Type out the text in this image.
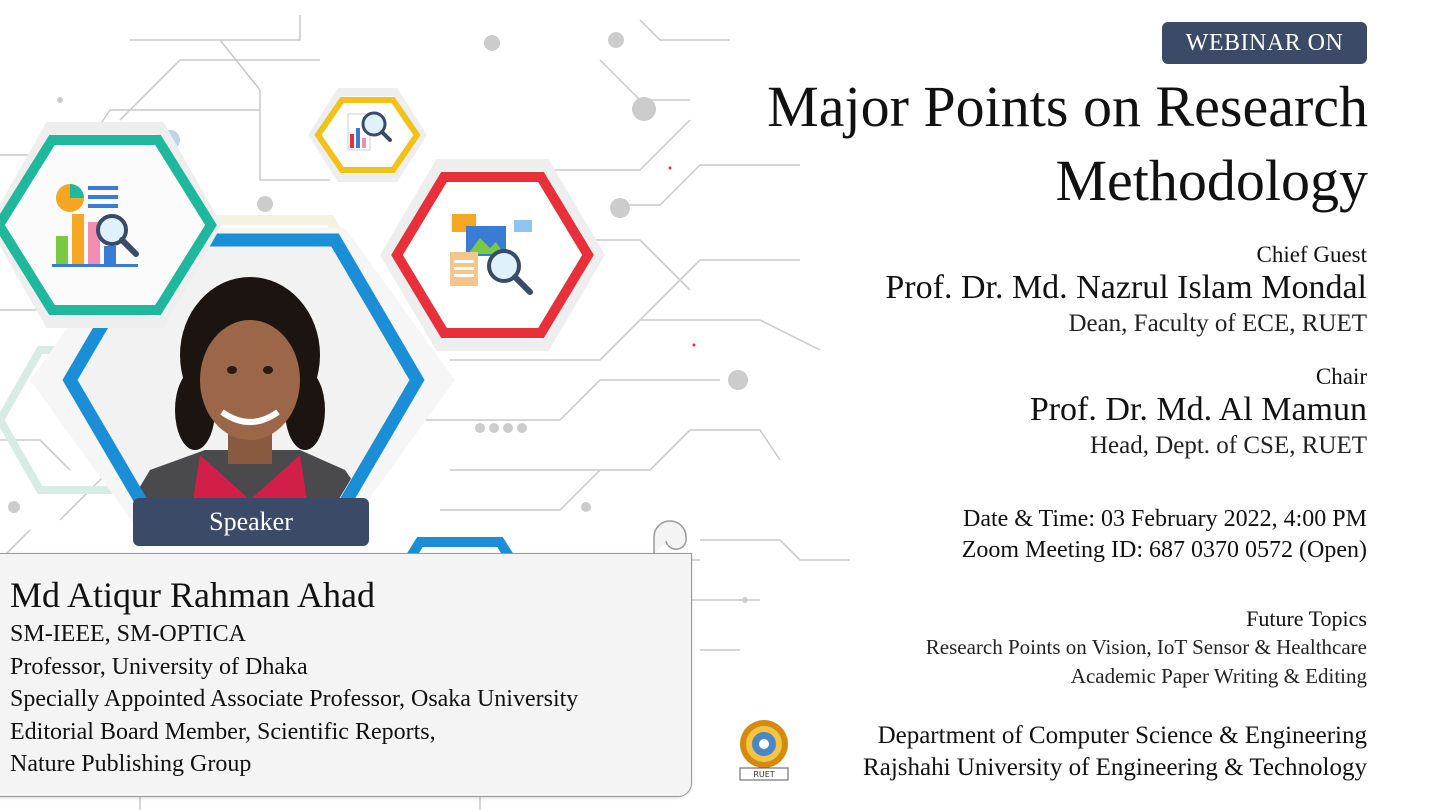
WEBINAR ON
Major Points on Research
Methodology
Chief Guest
Prof. Dr. Md. Nazrul Islam Mondal
Dean, Faculty of ECE, RUET
Chair
Prof. Dr. Md. Al Mamun
Head, Dept. of CSE, RUET
Date & Time: 03 February 2022, 4:00 PM
Zoom Meeting ID: 687 0370 0572 (Open)
Future Topics
Research Points on Vision, IoT Sensor & Healthcare
Academic Paper Writing & Editing
RUET
Department of Computer Science & Engineering
Rajshahi University of Engineering & Technology
Speaker
Md Atiqur Rahman Ahad
SM-IEEE, SM-OPTICA
Professor, University of Dhaka
Specially Appointed Associate Professor, Osaka University
Editorial Board Member, Scientific Reports,
Nature Publishing Group
